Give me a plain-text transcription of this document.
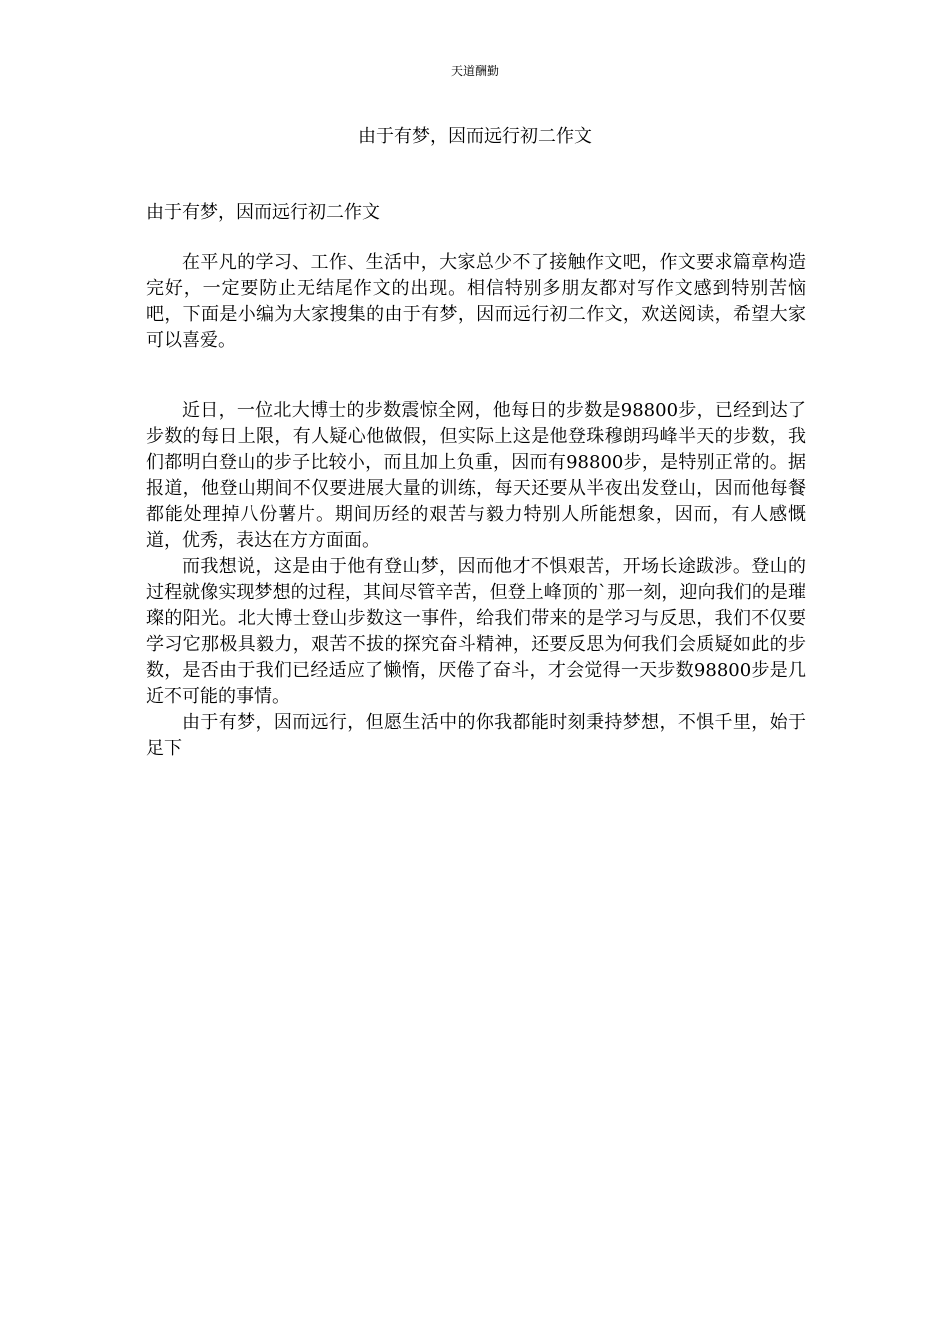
天道酬勤
由于有梦，因而远行初二作文
由于有梦，因而远行初二作文

在平凡的学习、工作、生活中，大家总少不了接触作文吧，作文要求篇章构造完好，一定要防止无结尾作文的出现。相信特别多朋友都对写作文感到特别苦恼吧，下面是小编为大家搜集的由于有梦，因而远行初二作文，欢送阅读，希望大家可以喜爱。

近日，一位北大博士的步数震惊全网，他每日的步数是98800步，已经到达了步数的每日上限，有人疑心他做假，但实际上这是他登珠穆朗玛峰半天的步数，我们都明白登山的步子比较小，而且加上负重，因而有98800步，是特别正常的。据报道，他登山期间不仅要进展大量的训练，每天还要从半夜出发登山，因而他每餐都能处理掉八份薯片。期间历经的艰苦与毅力特别人所能想象，因而，有人感慨道，优秀，表达在方方面面。

而我想说，这是由于他有登山梦，因而他才不惧艰苦，开场长途跋涉。登山的过程就像实现梦想的过程，其间尽管辛苦，但登上峰顶的`那一刻，迎向我们的是璀璨的阳光。北大博士登山步数这一事件，给我们带来的是学习与反思，我们不仅要学习它那极具毅力，艰苦不拔的探究奋斗精神，还要反思为何我们会质疑如此的步数，是否由于我们已经适应了懒惰，厌倦了奋斗，才会觉得一天步数98800步是几近不可能的事情。

由于有梦，因而远行，但愿生活中的你我都能时刻秉持梦想，不惧千里，始于足下
